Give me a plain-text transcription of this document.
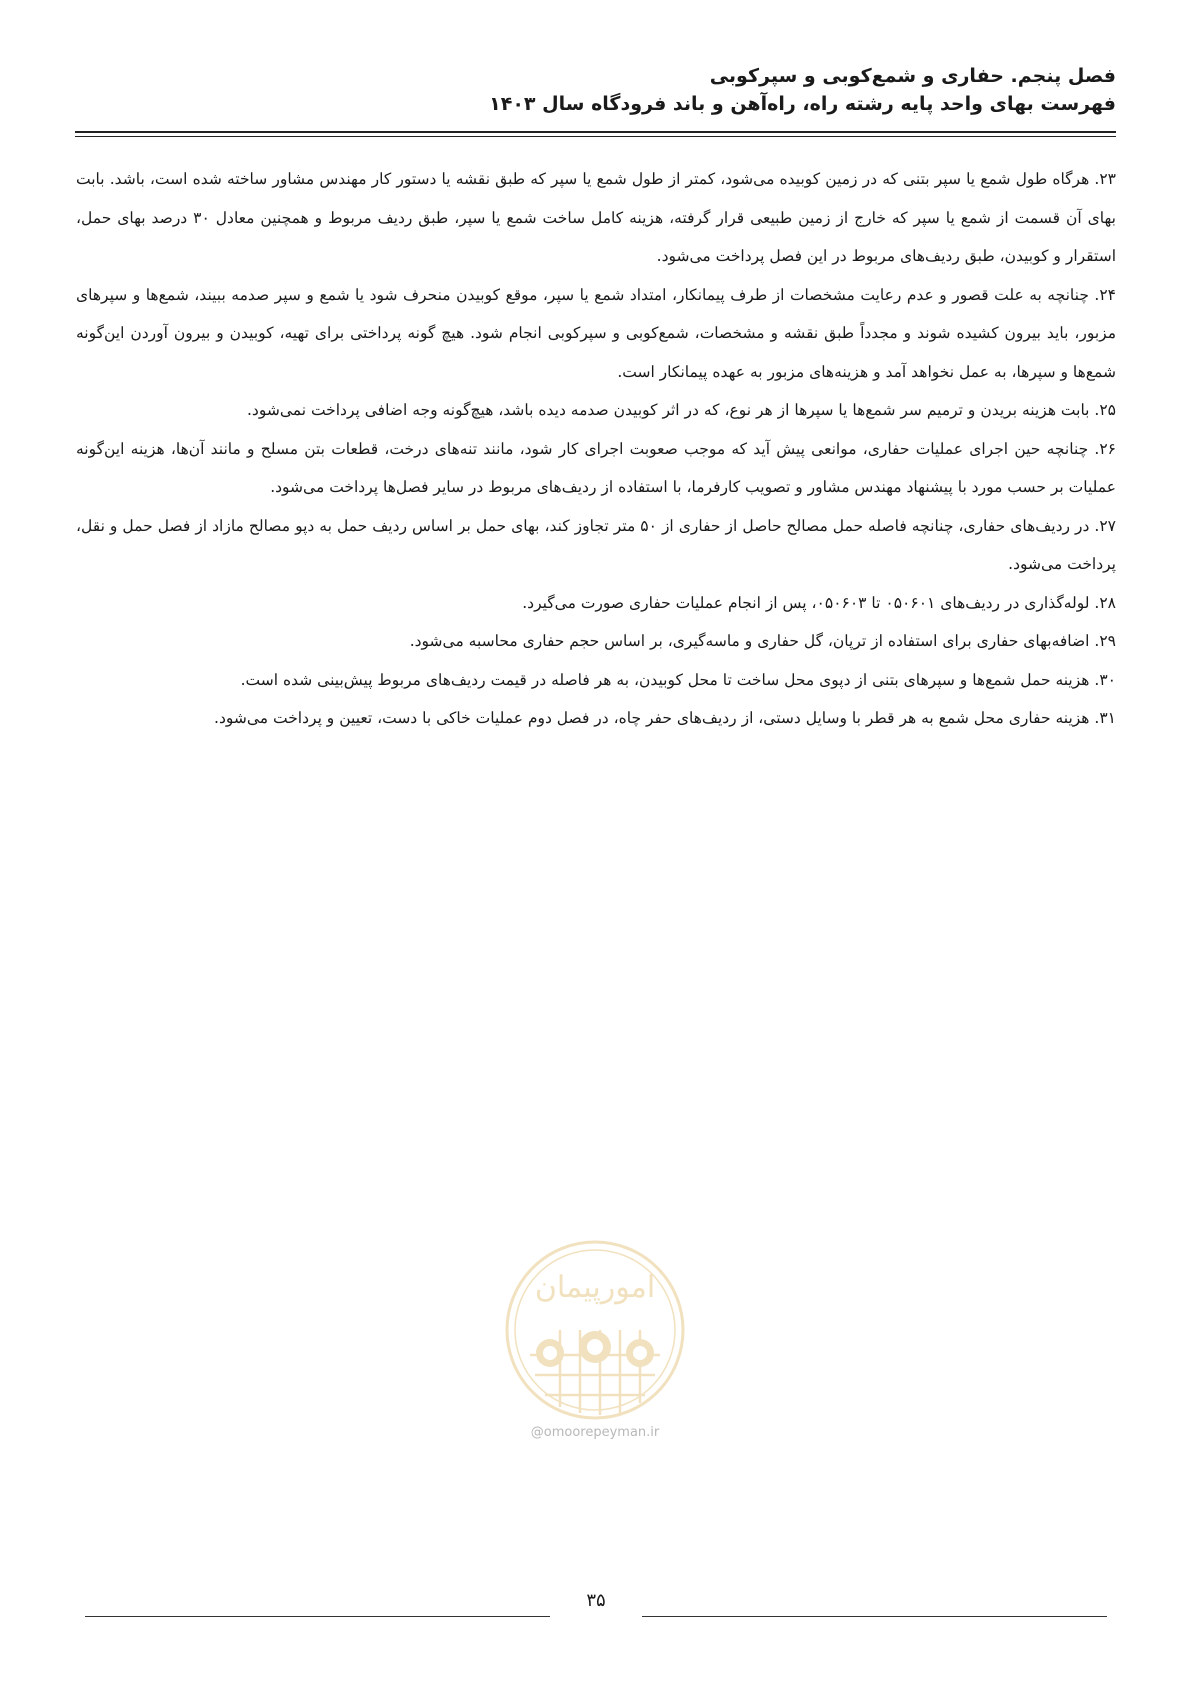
فصل پنجم. حفاری و شمع‌کوبی و سپرکوبی
فهرست بهای واحد پایه رشته راه، راه‌آهن و باند فرودگاه سال ۱۴۰۳

۲۳. هرگاه طول شمع یا سپر بتنی که در زمین کوبیده می‌شود، کمتر از طول شمع یا سپر که طبق نقشه یا دستور کار مهندس مشاور ساخته شده است، باشد. بابت بهای آن قسمت از شمع یا سپر که خارج از زمین طبیعی قرار گرفته، هزینه کامل ساخت شمع یا سپر، طبق ردیف مربوط و همچنین معادل ۳۰ درصد بهای حمل، استقرار و کوبیدن، طبق ردیف‌های مربوط در این فصل پرداخت می‌شود.

۲۴. چنانچه به علت قصور و عدم رعایت مشخصات از طرف پیمانکار، امتداد شمع یا سپر، موقع کوبیدن منحرف شود یا شمع و سپر صدمه ببیند، شمع‌ها و سپرهای مزبور، باید بیرون کشیده شوند و مجدداً طبق نقشه و مشخصات، شمع‌کوبی و سپرکوبی انجام شود. هیچ گونه پرداختی برای تهیه، کوبیدن و بیرون آوردن این‌گونه شمع‌ها و سپرها، به عمل نخواهد آمد و هزینه‌های مزبور به عهده پیمانکار است.

۲۵. بابت هزینه بریدن و ترمیم سر شمع‌ها یا سپرها از هر نوع، که در اثر کوبیدن صدمه دیده باشد، هیچ‌گونه وجه اضافی پرداخت نمی‌شود.

۲۶. چنانچه حین اجرای عملیات حفاری، موانعی پیش آید که موجب صعوبت اجرای کار شود، مانند تنه‌های درخت، قطعات بتن مسلح و مانند آن‌ها، هزینه این‌گونه عملیات بر حسب مورد با پیشنهاد مهندس مشاور و تصویب کارفرما، با استفاده از ردیف‌های مربوط در سایر فصل‌ها پرداخت می‌شود.

۲۷. در ردیف‌های حفاری، چنانچه فاصله حمل مصالح حاصل از حفاری از ۵۰ متر تجاوز کند، بهای حمل بر اساس ردیف حمل به دپو مصالح مازاد از فصل حمل و نقل، پرداخت می‌شود.

۲۸. لوله‌گذاری در ردیف‌های ۰۵۰۶۰۱ تا ۰۵۰۶۰۳، پس از انجام عملیات حفاری صورت می‌گیرد.

۲۹. اضافه‌بهای حفاری برای استفاده از ترپان، گل حفاری و ماسه‌گیری، بر اساس حجم حفاری محاسبه می‌شود.

۳۰. هزینه حمل شمع‌ها و سپرهای بتنی از دپوی محل ساخت تا محل کوبیدن، به هر فاصله در قیمت ردیف‌های مربوط پیش‌بینی شده است.

۳۱. هزینه حفاری محل شمع به هر قطر با وسایل دستی، از ردیف‌های حفر چاه، در فصل دوم عملیات خاکی با دست، تعیین و پرداخت می‌شود.

امورپیمان
@omoorepeyman.ir
۳۵
